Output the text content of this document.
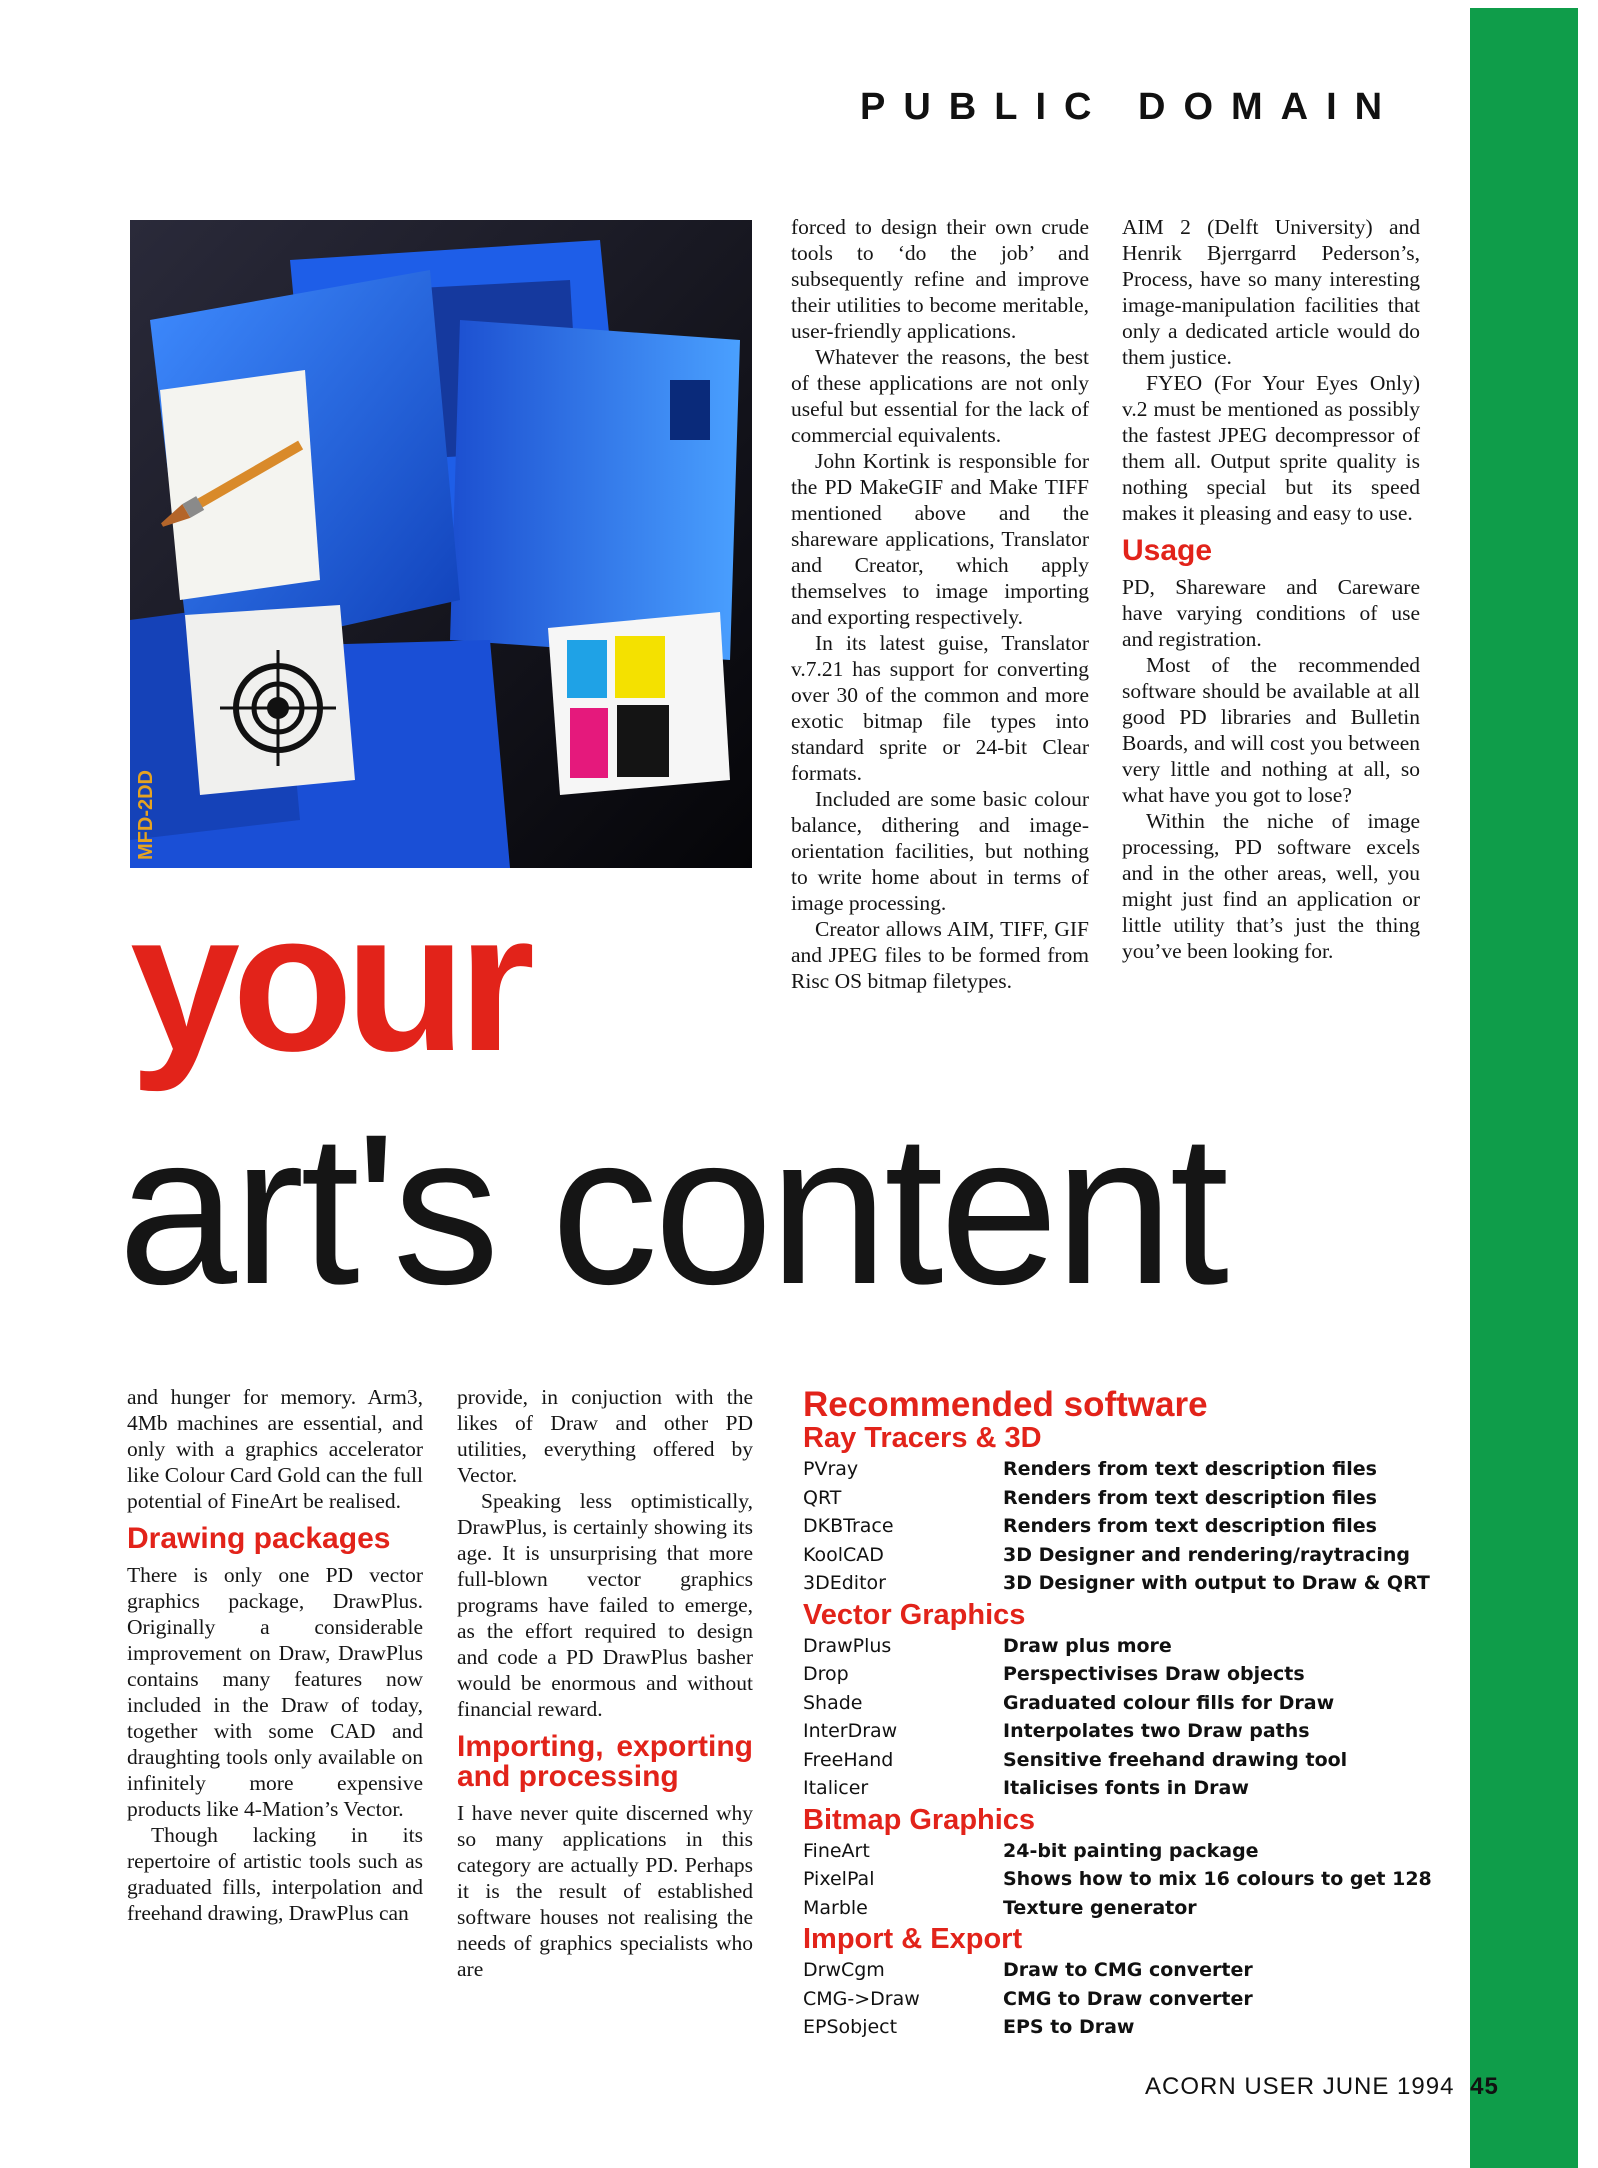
PUBLIC DOMAIN
MFD-2DD
your
art's content

forced to design their own crude tools to ‘do the job’ and subsequently refine and improve their utilities to become meritable, user-friendly applications.

Whatever the reasons, the best of these applications are not only useful but essential for the lack of commercial equivalents.

John Kortink is responsible for the PD MakeGIF and Make TIFF mentioned above and the shareware applications, Translator and Creator, which apply themselves to image importing and exporting respectively.

In its latest guise, Translator v.7.21 has support for converting over 30 of the common and more exotic bitmap file types into standard sprite or 24-bit Clear formats.

Included are some basic colour balance, dithering and image-orientation facilities, but nothing to write home about in terms of image processing.

Creator allows AIM, TIFF, GIF and JPEG files to be formed from Risc OS bitmap filetypes.

AIM 2 (Delft University) and Henrik Bjerrgarrd Pederson’s, Process, have so many interesting image-manipulation facilities that only a dedicated article would do them justice.

FYEO (For Your Eyes Only) v.2 must be mentioned as possibly the fastest JPEG decompressor of them all. Output sprite quality is nothing special but its speed makes it pleasing and easy to use.

Usage

PD, Shareware and Careware have varying conditions of use and registration.

Most of the recommended software should be available at all good PD libraries and Bulletin Boards, and will cost you between very little and nothing at all, so what have you got to lose?

Within the niche of image processing, PD software excels and in the other areas, well, you might just find an application or little utility that’s just the thing you’ve been looking for.

and hunger for memory. Arm3, 4Mb machines are essential, and only with a graphics accelerator like Colour Card Gold can the full potential of FineArt be realised.

Drawing packages

There is only one PD vector graphics package, DrawPlus. Originally a considerable improvement on Draw, DrawPlus contains many features now included in the Draw of today, together with some CAD and draughting tools only available on infinitely more expensive products like 4-Mation’s Vector.

Though lacking in its repertoire of artistic tools such as graduated fills, interpolation and freehand drawing, DrawPlus can

provide, in conjuction with the likes of Draw and other PD utilities, everything offered by Vector.

Speaking less optimistically, DrawPlus, is certainly showing its age. It is unsurprising that more full-blown vector graphics programs have failed to emerge, as the effort required to design and code a PD DrawPlus basher would be enormous and without financial reward.

Importing, exporting and processing

I have never quite discerned why so many applications in this category are actually PD. Perhaps it is the result of established software houses not realising the needs of graphics specialists who are

Recommended software
Ray Tracers & 3D
PVray	Renders from text description files
QRT	Renders from text description files
DKBTrace	Renders from text description files
KoolCAD	3D Designer and rendering/raytracing
3DEditor	3D Designer with output to Draw & QRT
Vector Graphics
DrawPlus	Draw plus more
Drop	Perspectivises Draw objects
Shade	Graduated colour fills for Draw
InterDraw	Interpolates two Draw paths
FreeHand	Sensitive freehand drawing tool
Italicer	Italicises fonts in Draw
Bitmap Graphics
FineArt	24-bit painting package
PixelPal	Shows how to mix 16 colours to get 128
Marble	Texture generator
Import & Export
DrwCgm	Draw to CMG converter
CMG->Draw	CMG to Draw converter
EPSobject	EPS to Draw
ACORN USER JUNE 1994 45
